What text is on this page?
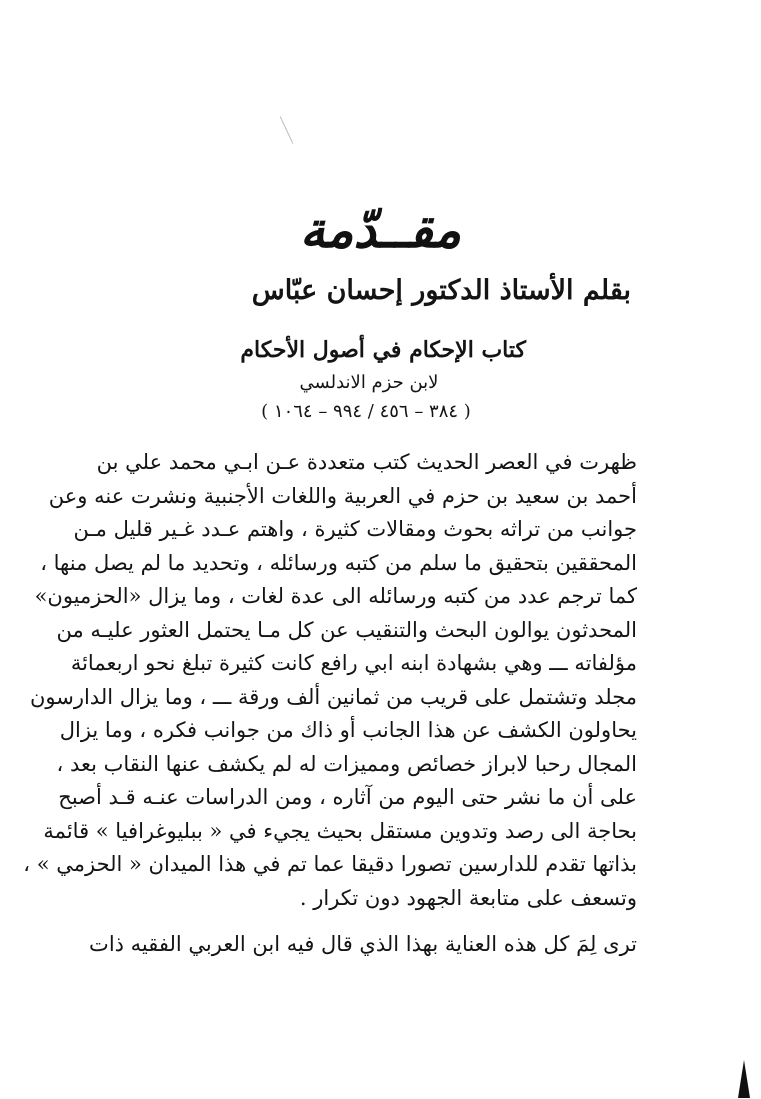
مقــدّمة
بقلم الأستاذ الدكتور إحسان عبّاس
كتاب الإحكام في أصول الأحكام
لابن حزم الاندلسي
( ٣٨٤ – ٤٥٦ / ٩٩٤ – ١٠٦٤ )

ظهرت في العصر الحديث كتب متعددة عـن ابـي محمد علي بن
أحمد بن سعيد بن حزم في العربية واللغات الأجنبية ونشرت عنه وعن
جوانب من تراثه بحوث ومقالات كثيرة ، واهتم عـدد غـير قليل مـن
المحققين بتحقيق ما سلم من كتبه ورسائله ، وتحديد ما لم يصل منها ،
كما ترجم عدد من كتبه ورسائله الى عدة لغات ، وما يزال «الحزميون»
المحدثون يوالون البحث والتنقيب عن كل مـا يحتمل العثور عليـه من
مؤلفاته ـــ وهي بشهادة ابنه ابي رافع كانت كثيرة تبلغ نحو اربعمائة
مجلد وتشتمل على قريب من ثمانين ألف ورقة ـــ ، وما يزال الدارسون
يحاولون الكشف عن هذا الجانب أو ذاك من جوانب فكره ، وما يزال
المجال رحبا لابراز خصائص ومميزات له لم يكشف عنها النقاب بعد ،
على أن ما نشر حتى اليوم من آثاره ، ومن الدراسات عنـه قـد أصبح
بحاجة الى رصد وتدوين مستقل بحيث يجيء في « ببليوغرافيا » قائمة
بذاتها تقدم للدارسين تصورا دقيقا عما تم في هذا الميدان « الحزمي » ،
وتسعف على متابعة الجهود دون تكرار .

ترى لِمَ كل هذه العناية بهذا الذي قال فيه ابن العربي الفقيه ذات
